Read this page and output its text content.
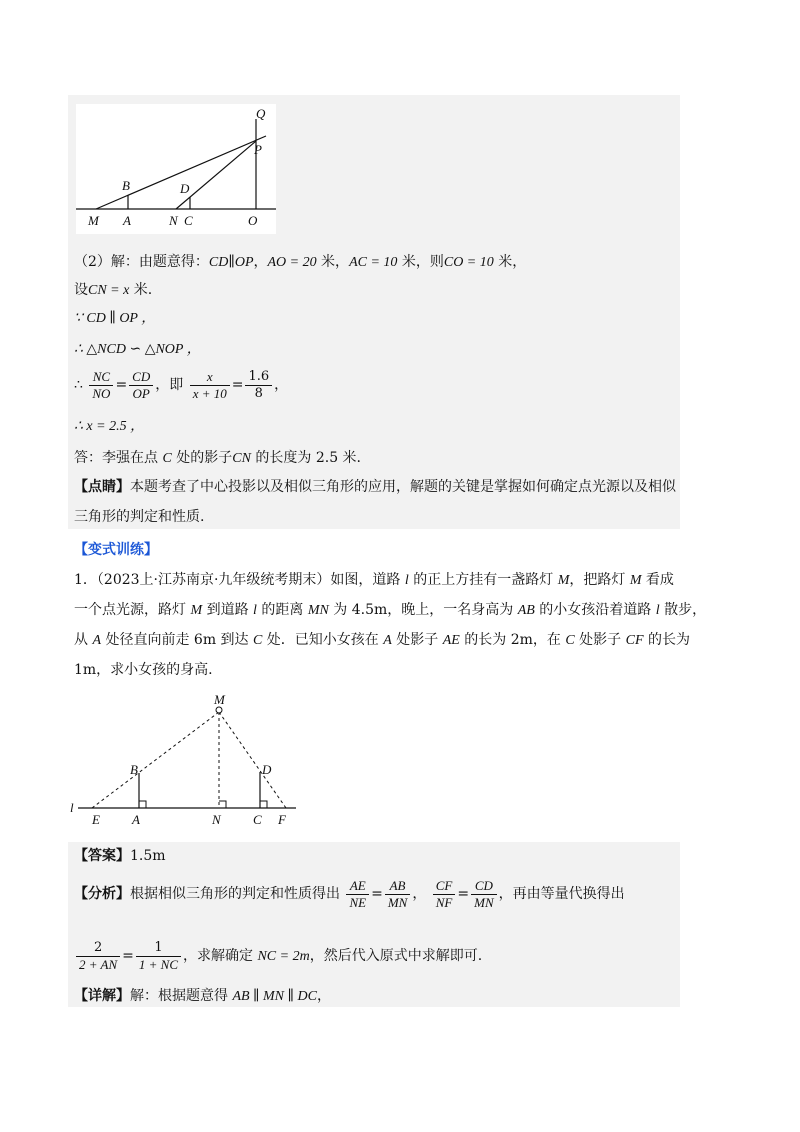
Q
P
B	D
M A	N C	O
（2）解：由题意得：CD∥OP，AO = 20 米，AC = 10 米，则CO = 10 米，
设CN = x 米.
∵ CD ∥ OP ，
∴ △NCD ∽ △NOP ，
∴ $\frac{NC}{NO} = \frac{CD}{OP}$ ，即 $\frac{x}{x + 10} = \frac{1.6}{8}$ ，
∴ x = 2.5 ，
答：李强在点 C 处的影子CN 的长度为 2.5 米.
【点睛】本题考查了中心投影以及相似三角形的应用，解题的关键是掌握如何确定点光源以及相似
三角形的判定和性质.
【变式训练】
1．（2023上·江苏南京·九年级统考期末）如图，道路 l 的正上方挂有一盏路灯 M，把路灯 M 看成
一个点光源，路灯 M 到道路 l 的距离 MN 为 4.5m，晚上，一名身高为 AB 的小女孩沿着道路 l 散步，
从 A 处径直向前走 6m 到达 C 处．已知小女孩在 A 处影子 AE 的长为 2m，在 C 处影子 CF 的长为
1m，求小女孩的身高.
M
B	D
l
E A	N C F
【答案】1.5m
【分析】根据相似三角形的判定和性质得出 $\frac{AE}{NE} = \frac{AB}{MN}$ ， $\frac{CF}{NF} = \frac{CD}{MN}$ ，再由等量代换得出
$\frac{2}{2 + AN} = \frac{1}{1 + NC}$ ，求解确定 NC = 2m，然后代入原式中求解即可.
【详解】解：根据题意得 AB ∥ MN ∥ DC，
